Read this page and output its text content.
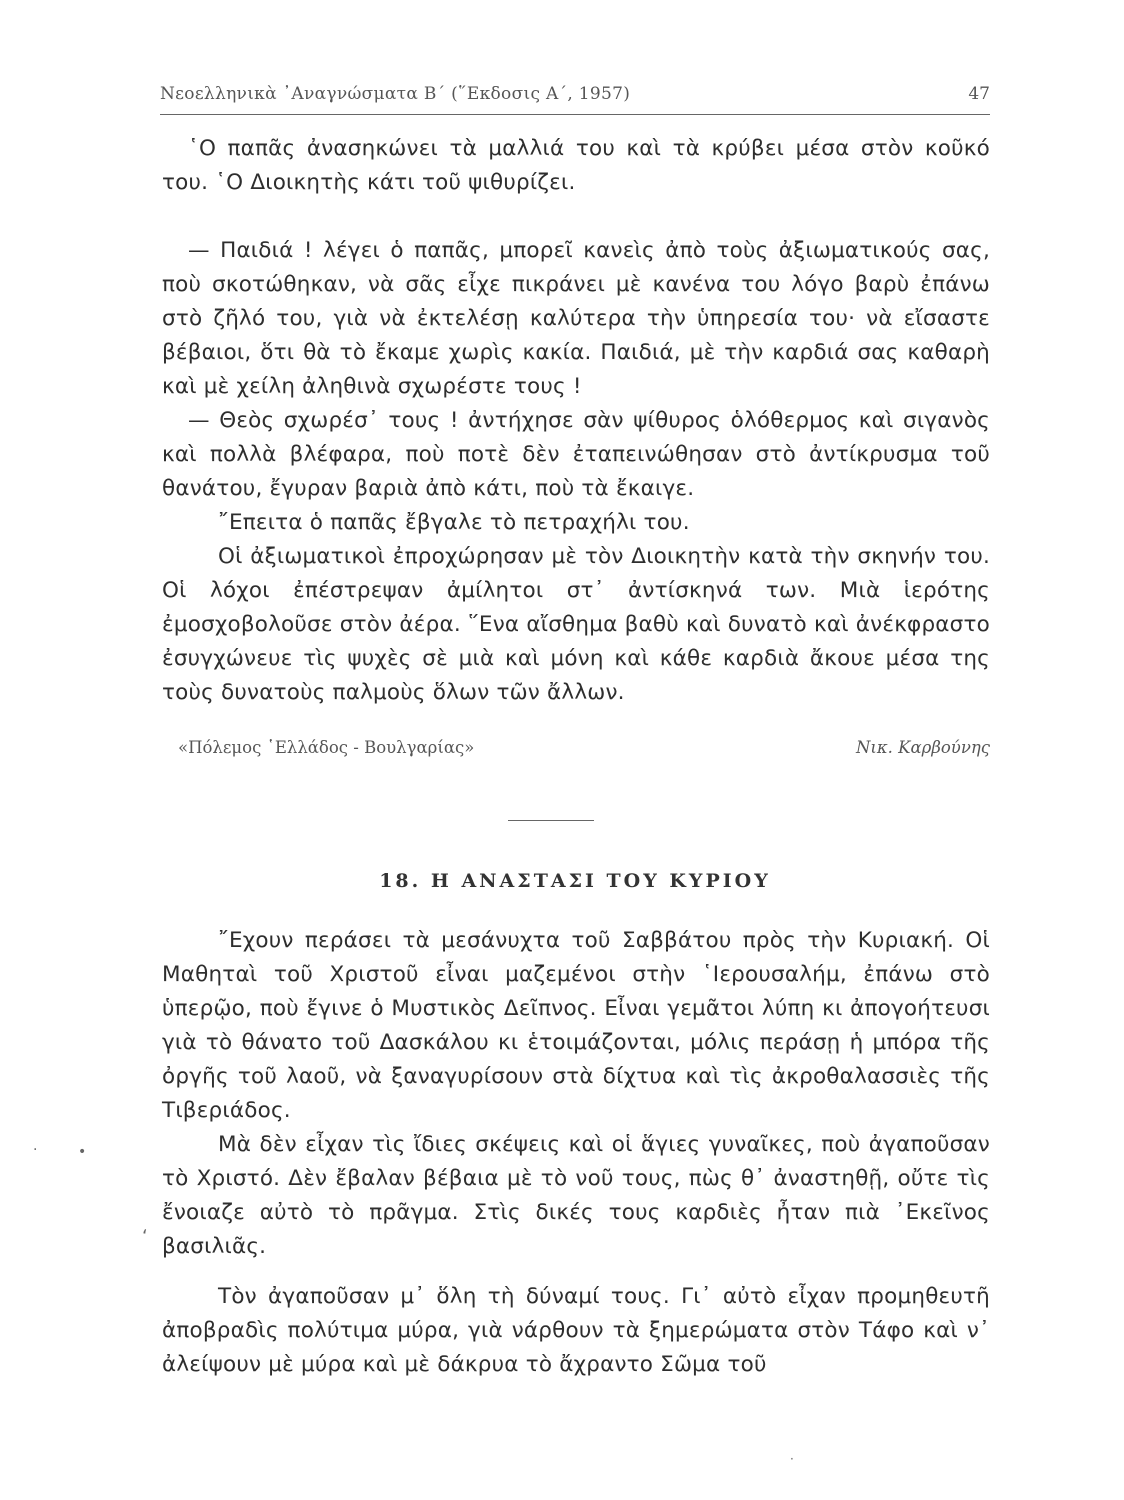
Νεοελληνικὰ ᾿Αναγνώσματα Β΄ (῞Εκδοσις Α΄, 1957)	47

῾Ο παπᾶς ἀνασηκώνει τὰ μαλλιά του καὶ τὰ κρύβει μέσα στὸν κοῦκό του. ῾Ο Διοικητὴς κάτι τοῦ ψιθυρίζει.

— Παιδιά ! λέγει ὁ παπᾶς, μπορεῖ κανεὶς ἀπὸ τοὺς ἀξιωματικούς σας, ποὺ σκοτώθηκαν, νὰ σᾶς εἶχε πικράνει μὲ κανένα του λόγο βαρὺ ἐπάνω στὸ ζῆλό του, γιὰ νὰ ἐκτελέσῃ καλύτερα τὴν ὑπηρεσία του· νὰ εἴσαστε βέβαιοι, ὅτι θὰ τὸ ἔκαμε χωρὶς κακία. Παιδιά, μὲ τὴν καρδιά σας καθαρὴ καὶ μὲ χείλη ἀληθινὰ σχωρέστε τους !

— Θεὸς σχωρέσ᾿ τους ! ἀντήχησε σὰν ψίθυρος ὁλόθερμος καὶ σιγανὸς καὶ πολλὰ βλέφαρα, ποὺ ποτὲ δὲν ἐταπεινώθησαν στὸ ἀντίκρυσμα τοῦ θανάτου, ἔγυραν βαριὰ ἀπὸ κάτι, ποὺ τὰ ἔκαιγε.

῎Επειτα ὁ παπᾶς ἔβγαλε τὸ πετραχήλι του.

Οἱ ἀξιωματικοὶ ἐπροχώρησαν μὲ τὸν Διοικητὴν κατὰ τὴν σκηνήν του. Οἱ λόχοι ἐπέστρεψαν ἀμίλητοι στ᾿ ἀντίσκηνά των. Μιὰ ἱερότης ἐμοσχοβολοῦσε στὸν ἀέρα. ῞Ενα αἴσθημα βαθὺ καὶ δυνατὸ καὶ ἀνέκφραστο ἐσυγχώνευε τὶς ψυχὲς σὲ μιὰ καὶ μόνη καὶ κάθε καρδιὰ ἄκουε μέσα της τοὺς δυνατοὺς παλμοὺς ὅλων τῶν ἄλλων.

«Πόλεμος ῾Ελλάδος - Βουλγαρίας»	Νικ. Καρβούνης
18. Η ΑΝΑΣΤΑΣΙ ΤΟΥ ΚΥΡΙΟΥ

῎Εχουν περάσει τὰ μεσάνυχτα τοῦ Σαββάτου πρὸς τὴν Κυριακή. Οἱ Μαθηταὶ τοῦ Χριστοῦ εἶναι μαζεμένοι στὴν ῾Ιερουσαλήμ, ἐπάνω στὸ ὑπερῷο, ποὺ ἔγινε ὁ Μυστικὸς Δεῖπνος. Εἶναι γεμᾶτοι λύπη κι ἀπογοήτευσι γιὰ τὸ θάνατο τοῦ Δασκάλου κι ἑτοιμάζονται, μόλις περάσῃ ἡ μπόρα τῆς ὀργῆς τοῦ λαοῦ, νὰ ξαναγυρίσουν στὰ δίχτυα καὶ τὶς ἀκροθαλασσιὲς τῆς Τιβεριάδος.

Μὰ δὲν εἶχαν τὶς ἴδιες σκέψεις καὶ οἱ ἅγιες γυναῖκες, ποὺ ἀγαποῦσαν τὸ Χριστό. Δὲν ἔβαλαν βέβαια μὲ τὸ νοῦ τους, πὼς θ᾿ ἀναστηθῇ, οὔτε τὶς ἔνοιαζε αὐτὸ τὸ πρᾶγμα. Στὶς δικές τους καρδιὲς ἦταν πιὰ ᾿Εκεῖνος βασιλιᾶς.

Τὸν ἀγαποῦσαν μ᾿ ὅλη τὴ δύναμί τους. Γι᾿ αὐτὸ εἶχαν προμηθευτῆ ἀποβραδὶς πολύτιμα μύρα, γιὰ νάρθουν τὰ ξημερώματα στὸν Τάφο καὶ ν᾿ ἀλείψουν μὲ μύρα καὶ μὲ δάκρυα τὸ ἄχραντο Σῶμα τοῦ

·	•
ʻ
·
